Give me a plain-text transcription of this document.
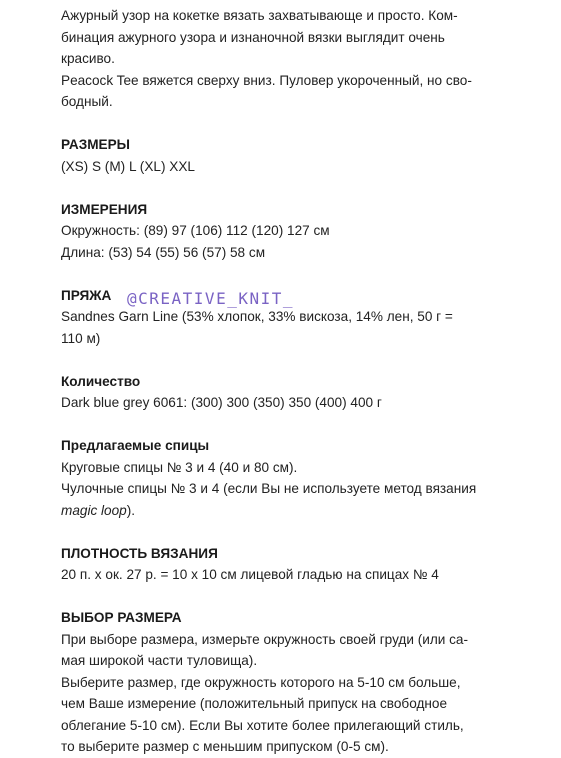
Ажурный узор на кокетке вязать захватывающе и просто. Ком-

бинация ажурного узора и изнаночной вязки выглядит очень

красиво.

Peacock Tee вяжется сверху вниз. Пуловер укороченный, но сво-

бодный.

РАЗМЕРЫ

(XS) S (M) L (XL) XXL

ИЗМЕРЕНИЯ

Окружность: (89) 97 (106) 112 (120) 127 см

Длина: (53) 54 (55) 56 (57) 58 см

ПРЯЖА

Sandnes Garn Line (53% хлопок, 33% вискоза, 14% лен, 50 г =

110 м)

Количество

Dark blue grey 6061: (300) 300 (350) 350 (400) 400 г

Предлагаемые спицы

Круговые спицы № 3 и 4 (40 и 80 см).

Чулочные спицы № 3 и 4 (если Вы не используете метод вязания

magic loop).

ПЛОТНОСТЬ ВЯЗАНИЯ

20 п. х ок. 27 р. = 10 х 10 см лицевой гладью на спицах № 4

ВЫБОР РАЗМЕРА

При выборе размера, измерьте окружность своей груди (или са-

мая широкой части туловища).

Выберите размер, где окружность которого на 5-10 см больше,

чем Ваше измерение (положительный припуск на свободное

облегание 5-10 см). Если Вы хотите более прилегающий стиль,

то выберите размер с меньшим припуском (0-5 см).

@CREATIVE_KNIT_
